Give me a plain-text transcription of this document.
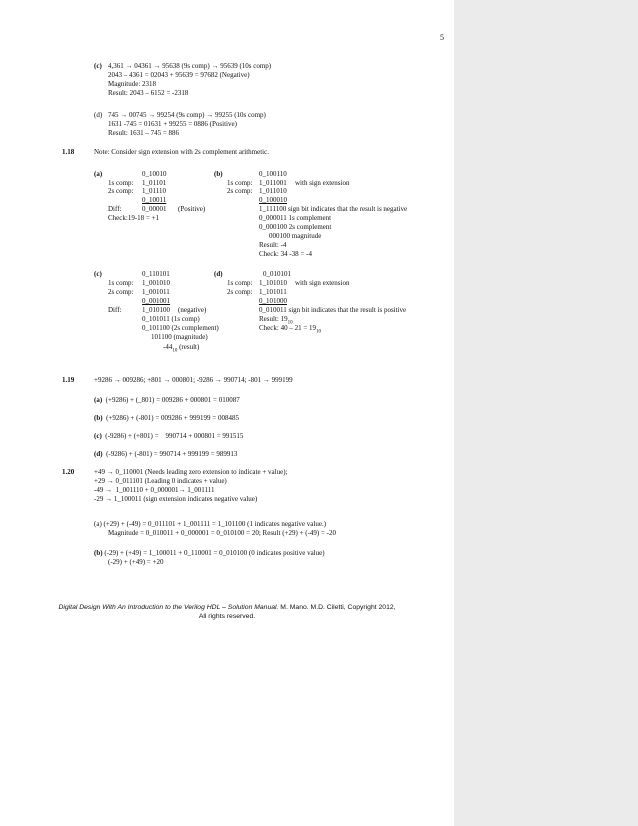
5
(c) 4,361 → 04361 → 95638 (9s comp) → 95639 (10s comp)
2043 – 4361 = 02043 + 95639 = 97682 (Negative)
Magnitude: 2318
Result: 2043 – 6152 = -2318
(d) 745 → 00745 → 99254 (9s comp) → 99255 (10s comp)
1631 -745 = 01631 + 99255 = 0886 (Positive)
Result: 1631 – 745 = 886
1.18	Note: Consider sign extension with 2s complement arithmetic.
(a)	0_10010
1s comp: 1_01101
2s comp: 1_01110
0_10011
Diff:	0_00001 (Positive)
Check:19-18 = +1
(b)	0_100110
1s comp: 1_011001 with sign extension
2s comp: 1_011010
0_100010
1_111100 sign bit indicates that the result is negative
0_000011 1s complement
0_000100 2s complement
000100 magnitude
Result: -4
Check: 34 -38 = -4
(c)	0_110101
1s comp: 1_001010
2s comp: 1_001011
0_001001
Diff:	1_010100 (negative)
0_101011 (1s comp)
0_101100 (2s complement)
101100 (magnitude)
$-44_{10}$ (result)
(d)	0_010101
1s comp: 1_101010 with sign extension
2s comp: 1_101011
0_101000
0_010011 sign bit indicates that the result is positive
Result: $19_{10}$
Check: $40 - 21 = 19_{10}$
1.19	+9286 → 009286; +801 → 000801; -9286 → 990714; -801 → 999199
(a) (+9286) + (_801) = 009286 + 000801 = 010087
(b) (+9286) + (-801) = 009286 + 999199 = 008485
(c) (-9286) + (+801) =    990714 + 000801 = 991515
(d) (-9286) + (-801) = 990714 + 999199 = 989913
1.20	+49 → 0_110001 (Needs leading zero extension to indicate + value);
+29 → 0_011101 (Leading 0 indicates + value)
-49 →  1_001110 + 0_000001→ 1_001111
-29 → 1_100011 (sign extension indicates negative value)
(a) (+29) + (-49) = 0_011101 + 1_001111 = 1_101100 (1 indicates negative value.)
Magnitude = 0_010011 + 0_000001 = 0_010100 = 20; Result (+29) + (-49) = -20
(b) (-29) + (+49) = 1_100011 + 0_110001 = 0_010100 (0 indicates positive value)
(-29) + (+49) = +20
Digital Design With An Introduction to the Verilog HDL – Solution Manual. M. Mano. M.D. Ciletti, Copyright 2012,
All rights reserved.
